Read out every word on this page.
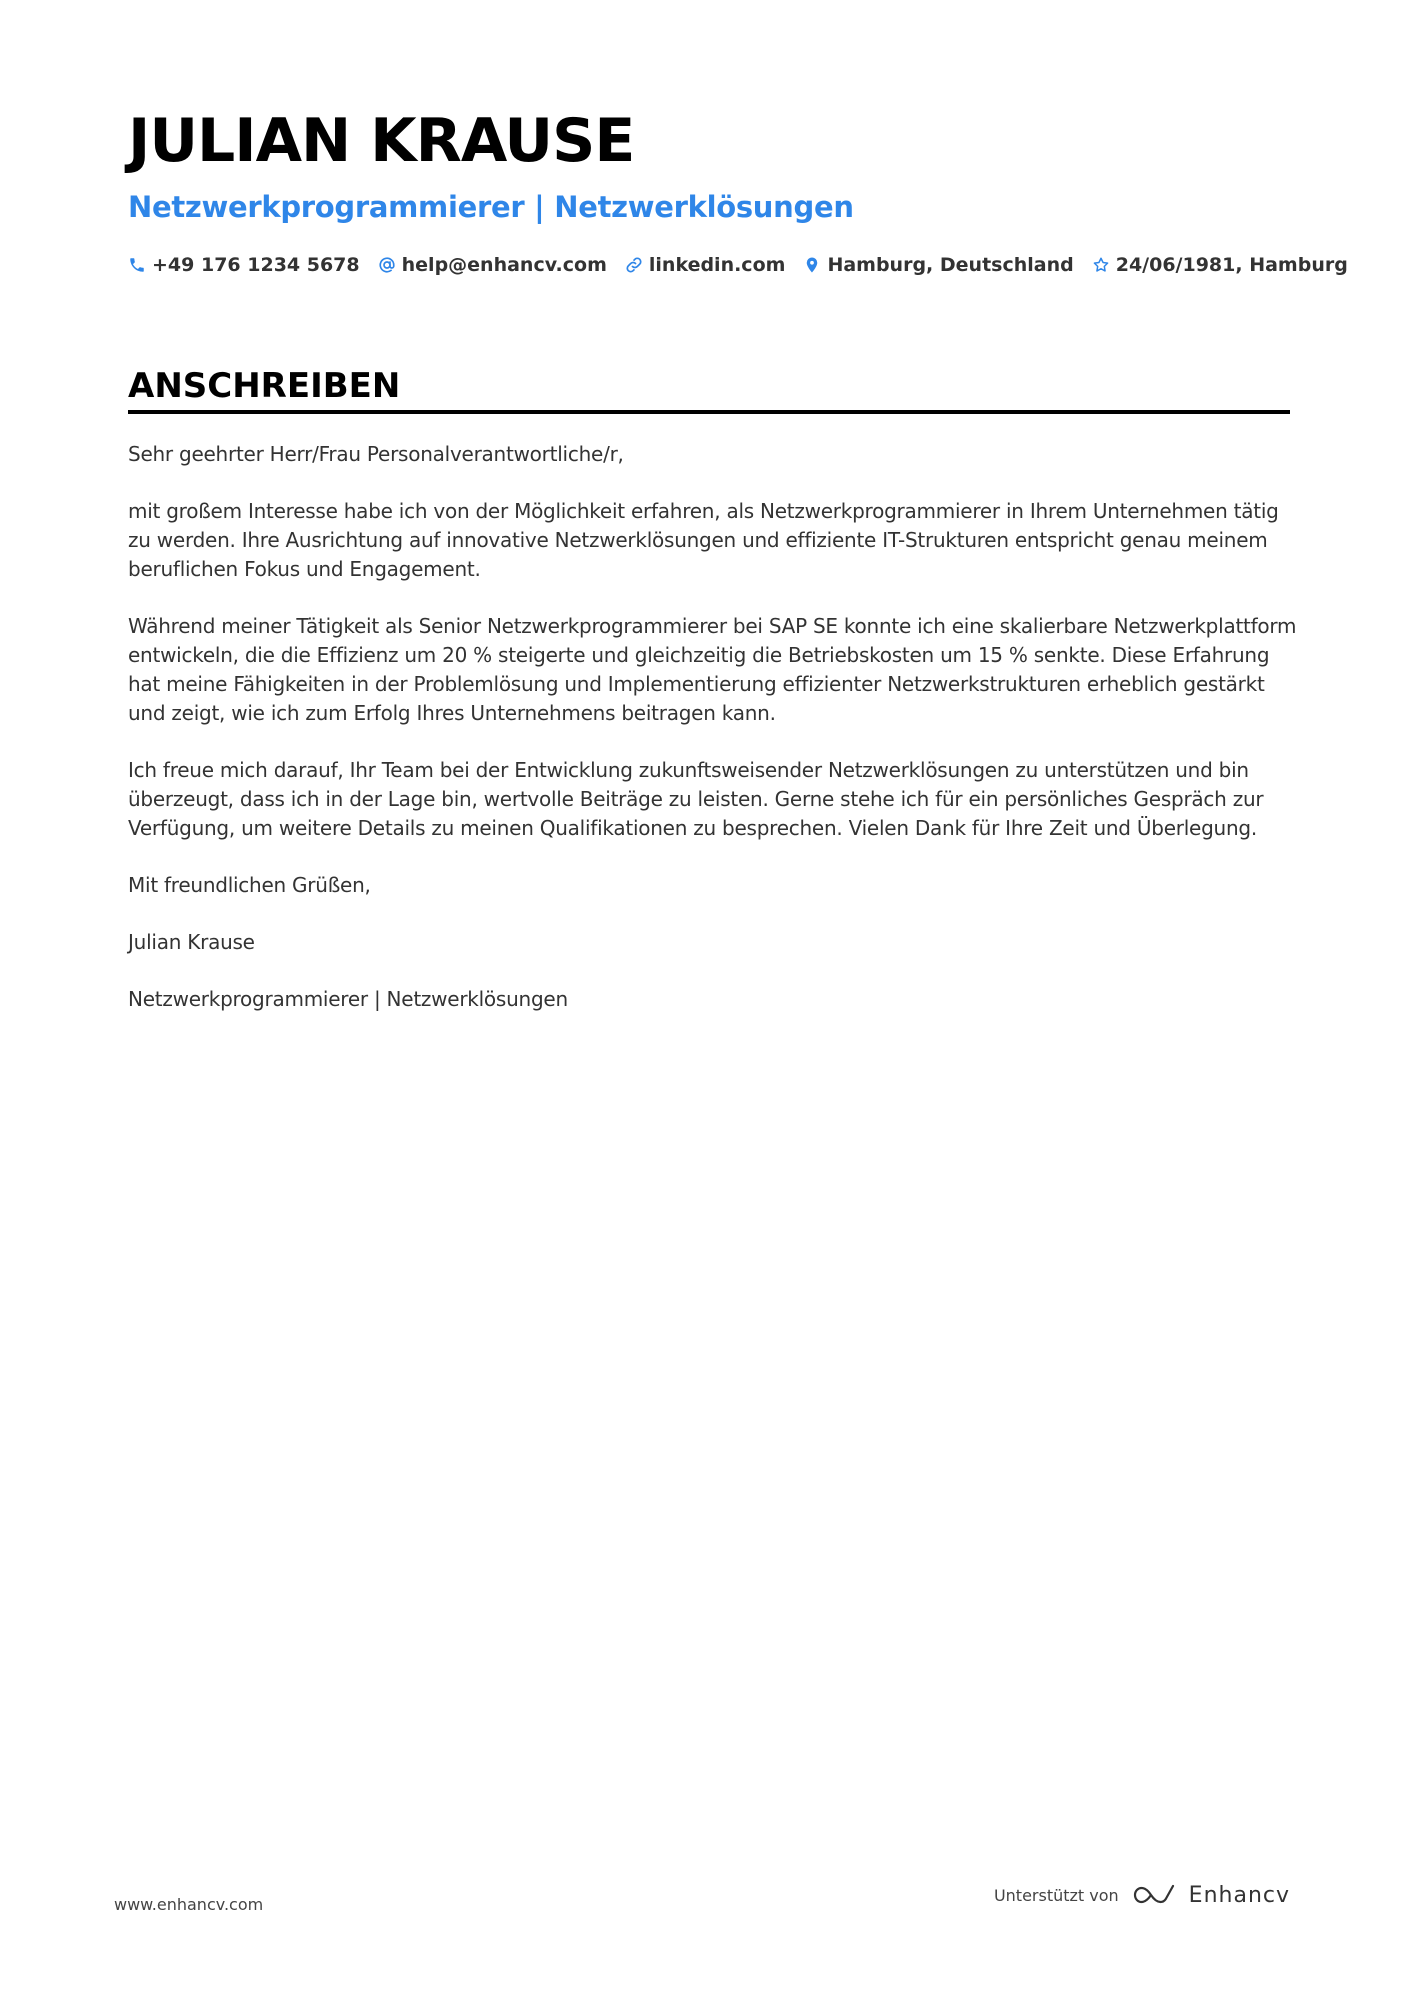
JULIAN KRAUSE
Netzwerkprogrammierer | Netzwerklösungen
+49 176 1234 5678 help@enhancv.com linkedin.com Hamburg, Deutschland 24/06/1981, Hamburg
ANSCHREIBEN

Sehr geehrter Herr/Frau Personalverantwortliche/r,

mit großem Interesse habe ich von der Möglichkeit erfahren, als Netzwerkprogrammierer in Ihrem Unternehmen tätig zu werden. Ihre Ausrichtung auf innovative Netzwerklösungen und effiziente IT-Strukturen entspricht genau meinem beruflichen Fokus und Engagement.

Während meiner Tätigkeit als Senior Netzwerkprogrammierer bei SAP SE konnte ich eine skalierbare Netzwerkplattform entwickeln, die die Effizienz um 20 % steigerte und gleichzeitig die Betriebskosten um 15 % senkte. Diese Erfahrung hat meine Fähigkeiten in der Problemlösung und Implementierung effizienter Netzwerkstrukturen erheblich gestärkt und zeigt, wie ich zum Erfolg Ihres Unternehmens beitragen kann.

Ich freue mich darauf, Ihr Team bei der Entwicklung zukunftsweisender Netzwerklösungen zu unterstützen und bin überzeugt, dass ich in der Lage bin, wertvolle Beiträge zu leisten. Gerne stehe ich für ein persönliches Gespräch zur Verfügung, um weitere Details zu meinen Qualifikationen zu besprechen. Vielen Dank für Ihre Zeit und Überlegung.

Mit freundlichen Grüßen,

Julian Krause

Netzwerkprogrammierer | Netzwerklösungen

www.enhancv.com	Unterstützt von	Enhancv
